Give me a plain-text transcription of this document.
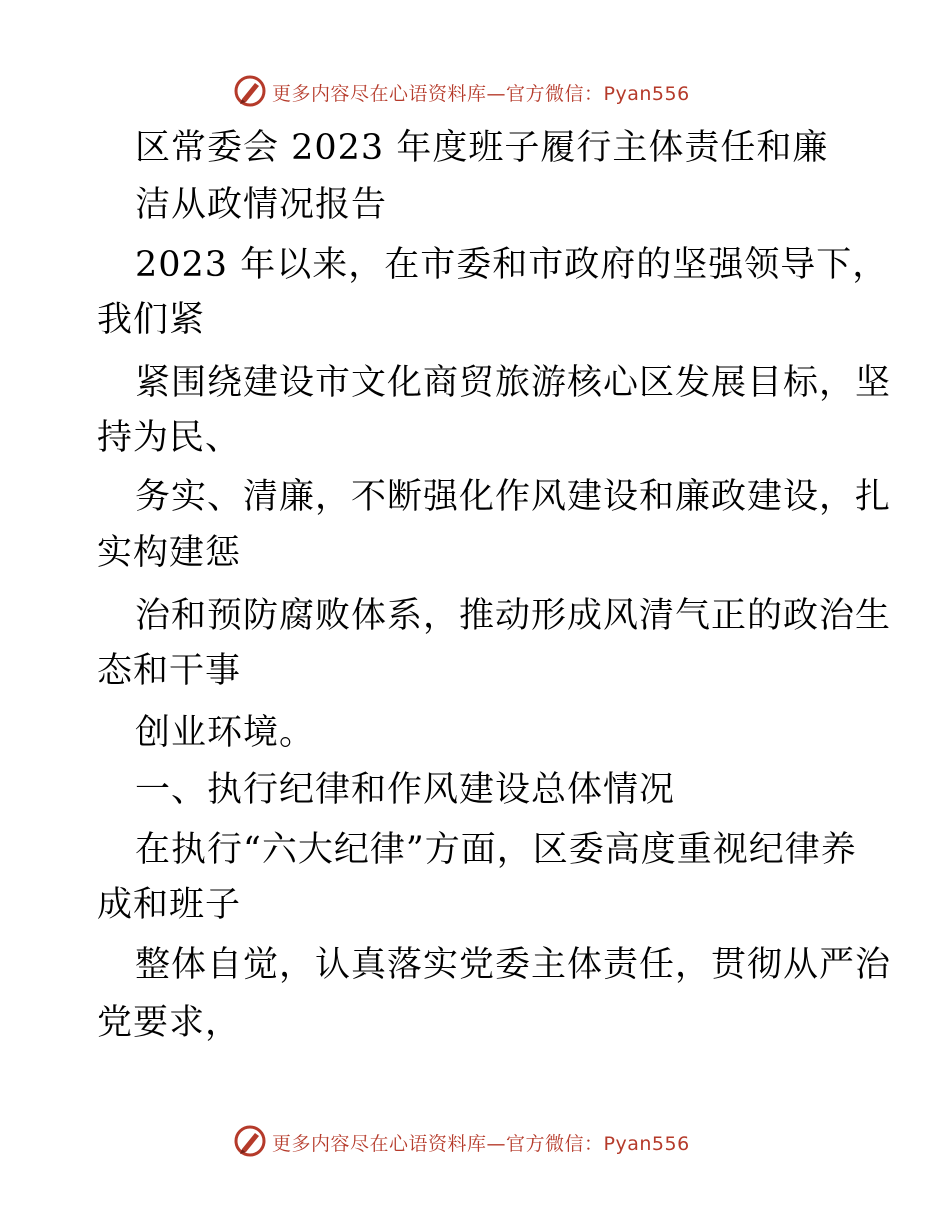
更多内容尽在心语资料库—官方微信：Pyan556
区常委会 2023 年度班子履行主体责任和廉
洁从政情况报告
2023 年以来，在市委和市政府的坚强领导下，
我们紧
紧围绕建设市文化商贸旅游核心区发展目标，坚
持为民、
务实、清廉，不断强化作风建设和廉政建设，扎
实构建惩
治和预防腐败体系，推动形成风清气正的政治生
态和干事
创业环境。
一、执行纪律和作风建设总体情况
在执行“六大纪律”方面，区委高度重视纪律养
成和班子
整体自觉，认真落实党委主体责任，贯彻从严治
党要求，
更多内容尽在心语资料库—官方微信：Pyan556
